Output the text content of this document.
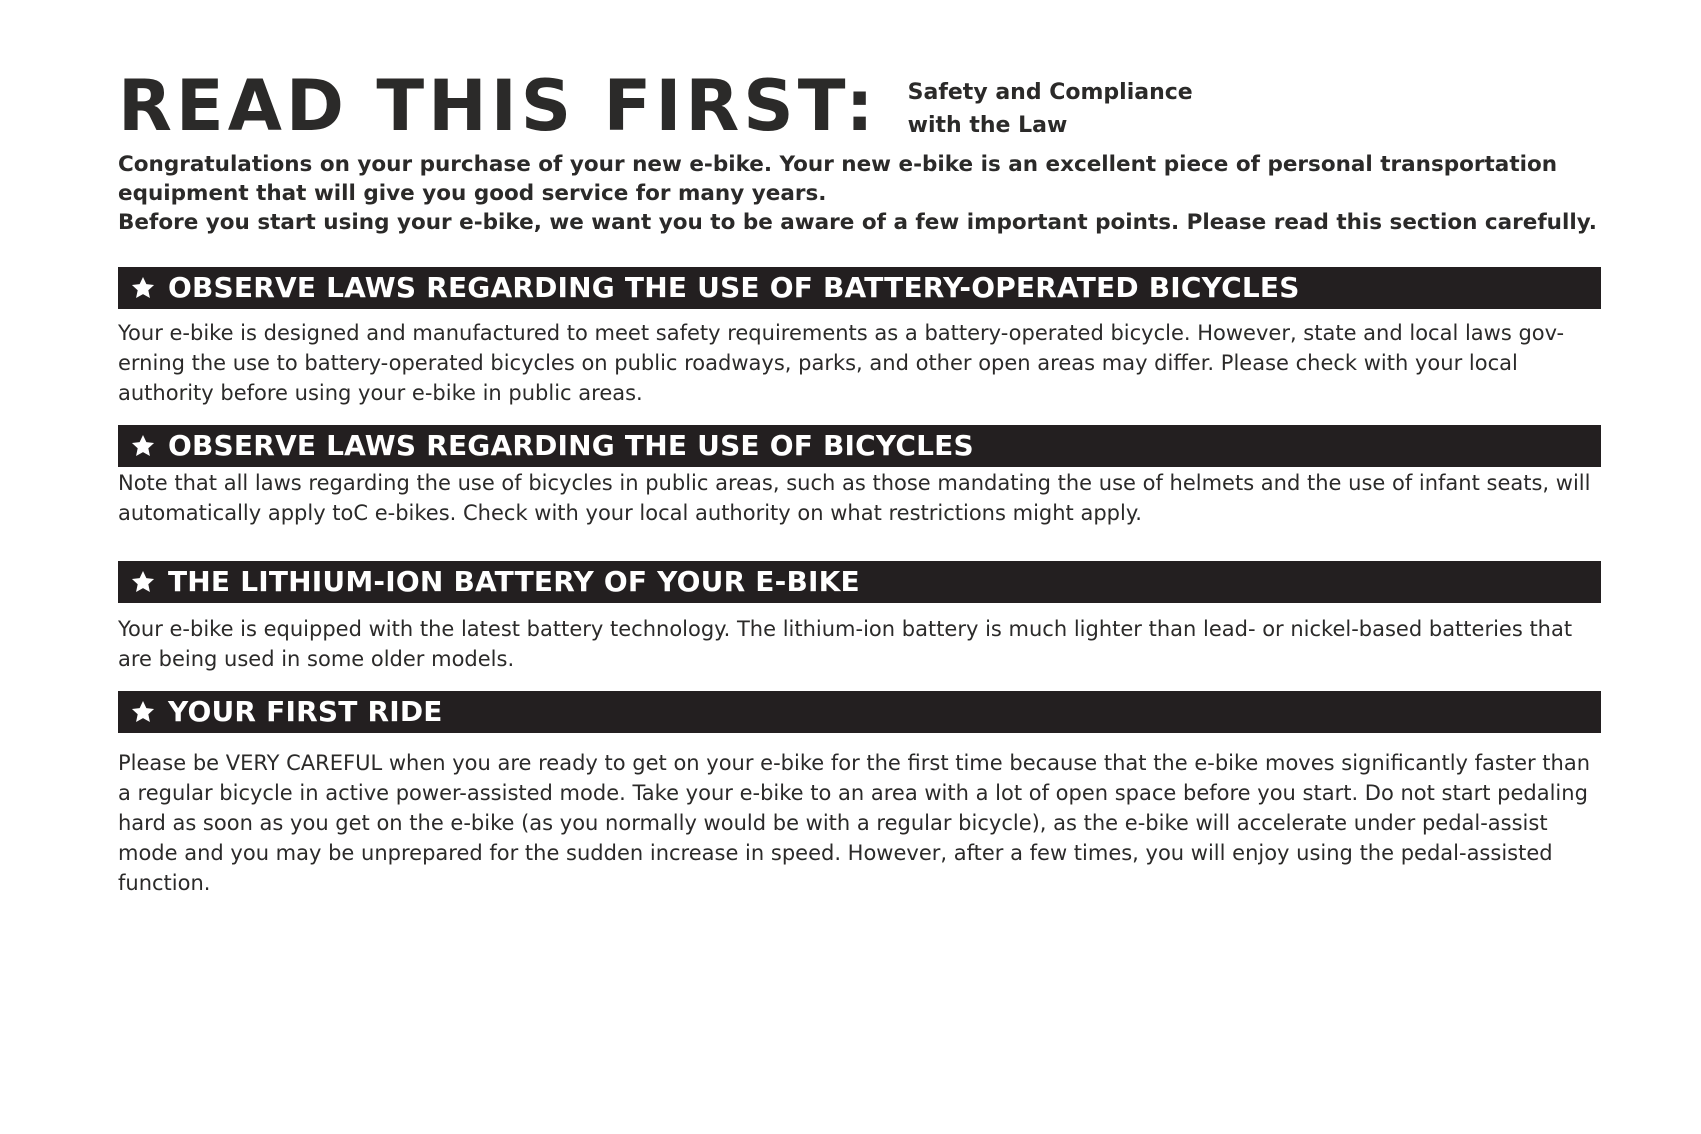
READ THIS FIRST: Safety and Compliance
with the Law

Congratulations on your purchase of your new e-bike. Your new e-bike is an excellent piece of personal transportation equipment that will give you good service for many years.

Before you start using your e-bike, we want you to be aware of a few important points. Please read this section carefully.

OBSERVE LAWS REGARDING THE USE OF BATTERY-OPERATED BICYCLES

Your e-bike is designed and manufactured to meet safety requirements as a battery-operated bicycle. However, state and local laws gov-erning the use to battery-operated bicycles on public roadways, parks, and other open areas may differ. Please check with your local authority before using your e-bike in public areas.

OBSERVE LAWS REGARDING THE USE OF BICYCLES

Note that all laws regarding the use of bicycles in public areas, such as those mandating the use of helmets and the use of infant seats, will automatically apply toC e-bikes. Check with your local authority on what restrictions might apply.

THE LITHIUM-ION BATTERY OF YOUR E-BIKE

Your e-bike is equipped with the latest battery technology. The lithium-ion battery is much lighter than lead- or nickel-based batteries that are being used in some older models.

YOUR FIRST RIDE

Please be VERY CAREFUL when you are ready to get on your e-bike for the first time because that the e-bike moves significantly faster than a regular bicycle in active power-assisted mode. Take your e-bike to an area with a lot of open space before you start. Do not start pedaling hard as soon as you get on the e-bike (as you normally would be with a regular bicycle), as the e-bike will accelerate under pedal-assist mode and you may be unprepared for the sudden increase in speed. However, after a few times, you will enjoy using the pedal-assisted function.
